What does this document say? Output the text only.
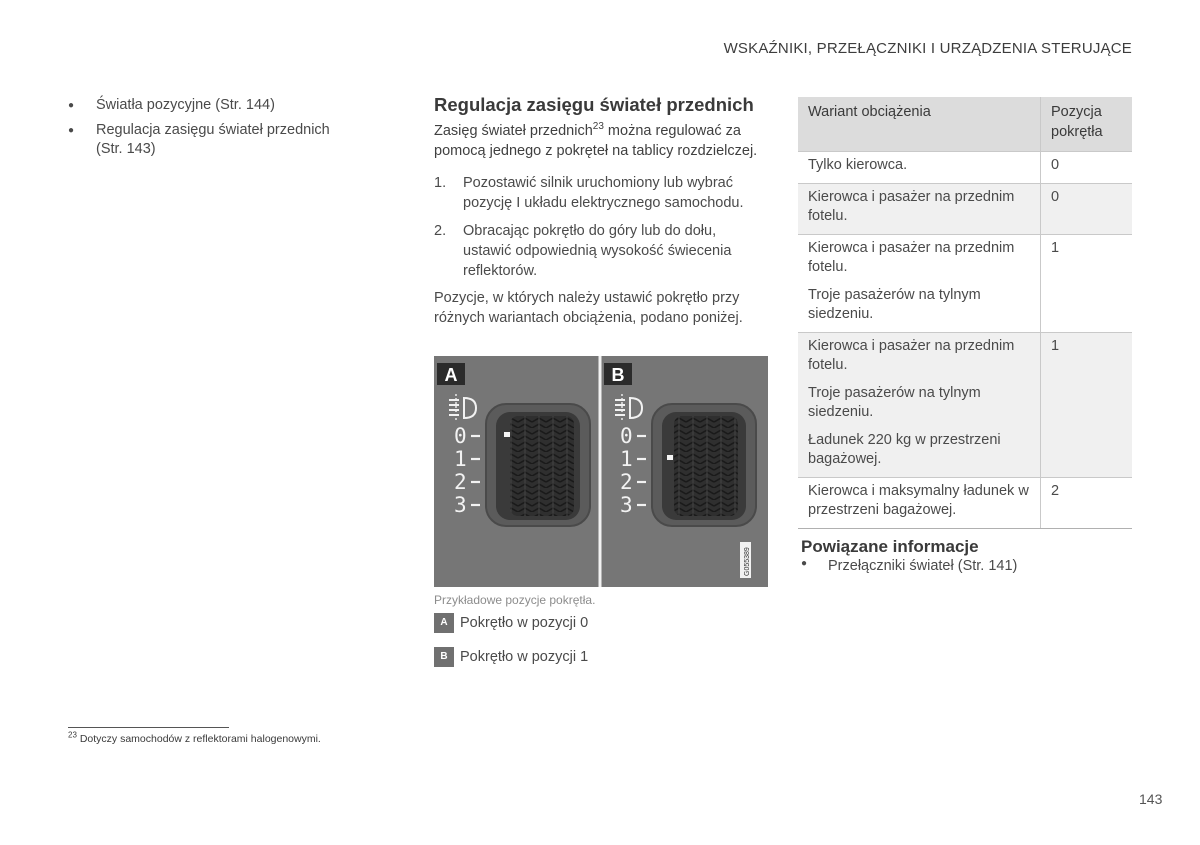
WSKAŹNIKI, PRZEŁĄCZNIKI I URZĄDZENIA STERUJĄCE
● Światła pozycyjne (Str. 144)
● Regulacja zasięgu świateł przednich (Str. 143)
Regulacja zasięgu świateł przednich

Zasięg świateł przednich$^{23}$ można regulować za pomocą jednego z pokręteł na tablicy rozdzielczej.

1. Pozostawić silnik uruchomiony lub wybrać pozycję I układu elektrycznego samochodu.
2. Obracając pokrętło do góry lub do dołu, ustawić odpowiednią wysokość świecenia reflektorów.

Pozycje, w których należy ustawić pokrętło przy różnych wariantach obciążenia, podano poniżej.

A
0
1
2
3
B
0
1
2
3
G055389
Przykładowe pozycje pokrętła.
A Pokrętło w pozycji 0
B Pokrętło w pozycji 1
Wariant obciążenia	Pozycja pokrętła

Tylko kierowca.	0

Kierowca i pasażer na przednim fotelu.	0

Kierowca i pasażer na przednim fotelu.
Troje pasażerów na tylnym siedzeniu.	1

Kierowca i pasażer na przednim fotelu.
Troje pasażerów na tylnym siedzeniu.
Ładunek 220 kg w przestrzeni bagażowej.	1

Kierowca i maksymalny ładunek w przestrzeni bagażowej.	2
Powiązane informacje
● Przełączniki świateł (Str. 141)
$^{23}$ Dotyczy samochodów z reflektorami halogenowymi.
143
